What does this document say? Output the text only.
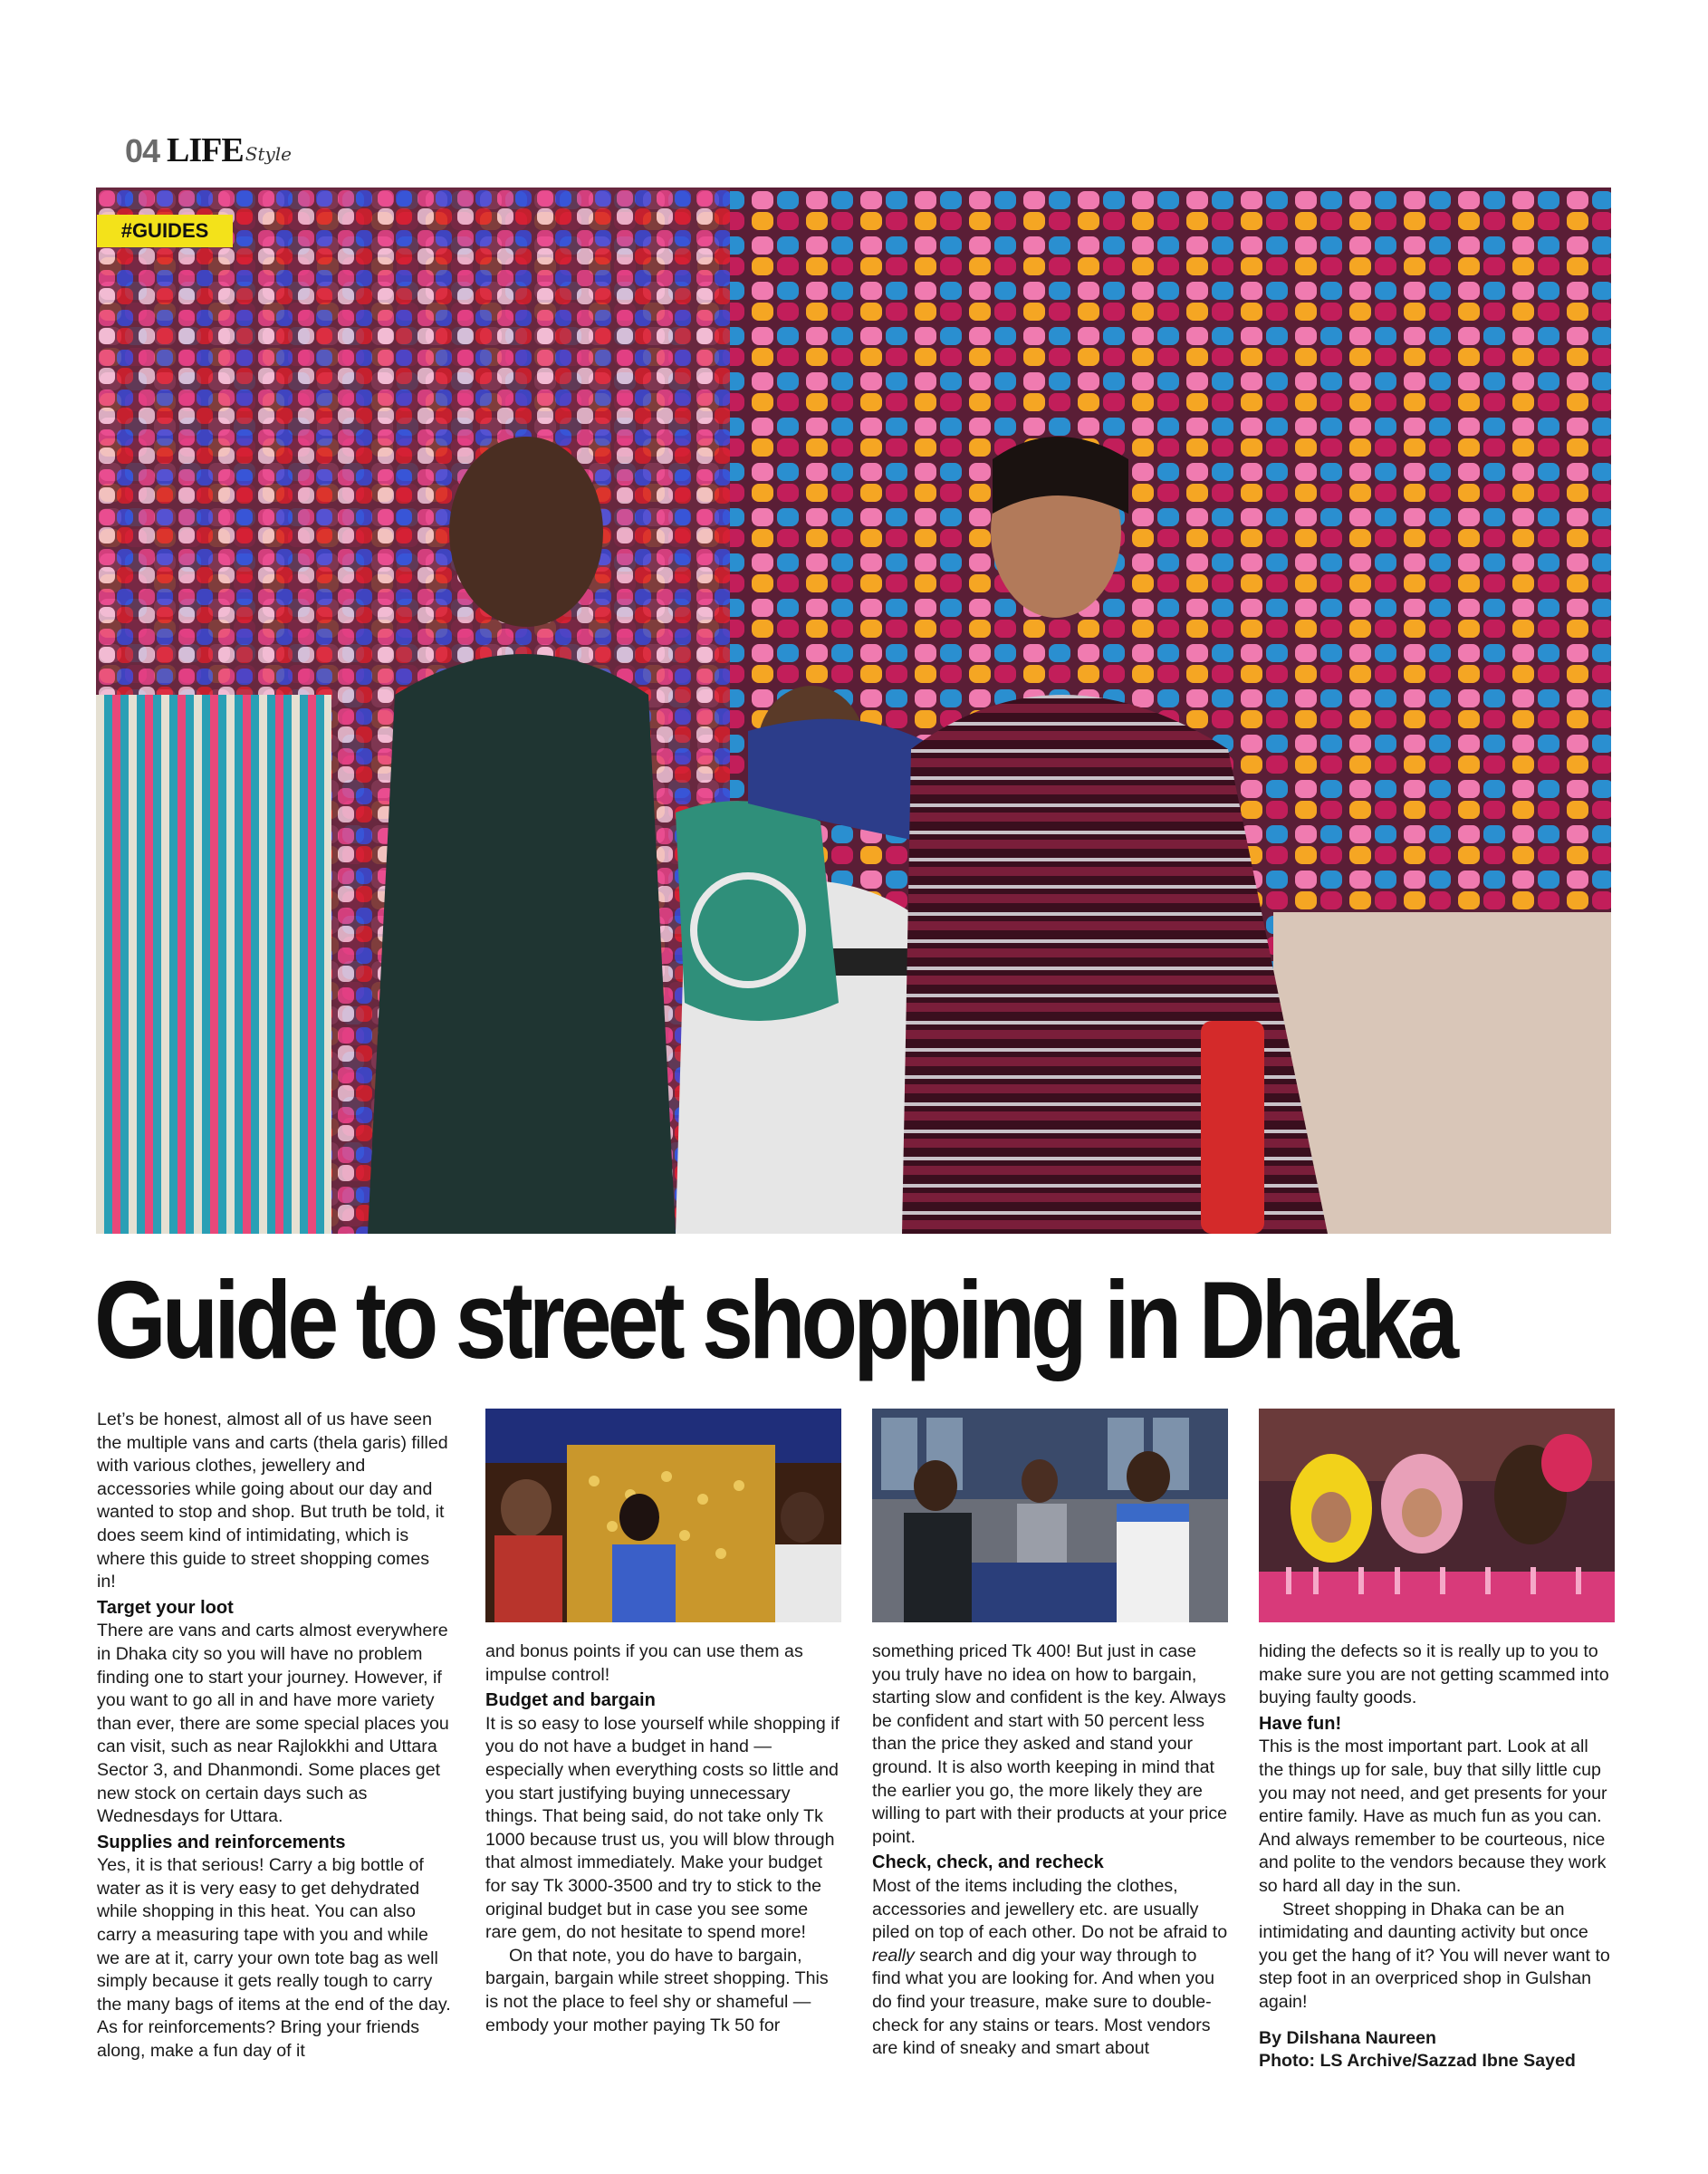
04 LIFE Style
#GUIDES
Guide to street shopping in Dhaka

Let’s be honest, almost all of us have seen the multiple vans and carts (thela garis) filled with various clothes, jewellery and accessories while going about our day and wanted to stop and shop. But truth be told, it does seem kind of intimidating, which is where this guide to street shopping comes in!

Target your loot

There are vans and carts almost everywhere in Dhaka city so you will have no problem finding one to start your journey. However, if you want to go all in and have more variety than ever, there are some special places you can visit, such as near Rajlokkhi and Uttara Sector 3, and Dhanmondi. Some places get new stock on certain days such as Wednesdays for Uttara.

Supplies and reinforcements

Yes, it is that serious! Carry a big bottle of water as it is very easy to get dehydrated while shopping in this heat. You can also carry a measuring tape with you and while we are at it, carry your own tote bag as well simply because it gets really tough to carry the many bags of items at the end of the day. As for reinforcements? Bring your friends along, make a fun day of it

and bonus points if you can use them as impulse control!

Budget and bargain

It is so easy to lose yourself while shopping if you do not have a budget in hand — especially when everything costs so little and you start justifying buying unnecessary things. That being said, do not take only Tk 1000 because trust us, you will blow through that almost immediately. Make your budget for say Tk 3000-3500 and try to stick to the original budget but in case you see some rare gem, do not hesitate to spend more!

On that note, you do have to bargain, bargain, bargain while street shopping. This is not the place to feel shy or shameful — embody your mother paying Tk 50 for

something priced Tk 400! But just in case you truly have no idea on how to bargain, starting slow and confident is the key. Always be confident and start with 50 percent less than the price they asked and stand your ground. It is also worth keeping in mind that the earlier you go, the more likely they are willing to part with their products at your price point.

Check, check, and recheck

Most of the items including the clothes, accessories and jewellery etc. are usually piled on top of each other. Do not be afraid to really search and dig your way through to find what you are looking for. And when you do find your treasure, make sure to double-check for any stains or tears. Most vendors are kind of sneaky and smart about

hiding the defects so it is really up to you to make sure you are not getting scammed into buying faulty goods.

Have fun!

This is the most important part. Look at all the things up for sale, buy that silly little cup you may not need, and get presents for your entire family. Have as much fun as you can. And always remember to be courteous, nice and polite to the vendors because they work so hard all day in the sun.

Street shopping in Dhaka can be an intimidating and daunting activity but once you get the hang of it? You will never want to step foot in an overpriced shop in Gulshan again!

By Dilshana Naureen

Photo: LS Archive/Sazzad Ibne Sayed
